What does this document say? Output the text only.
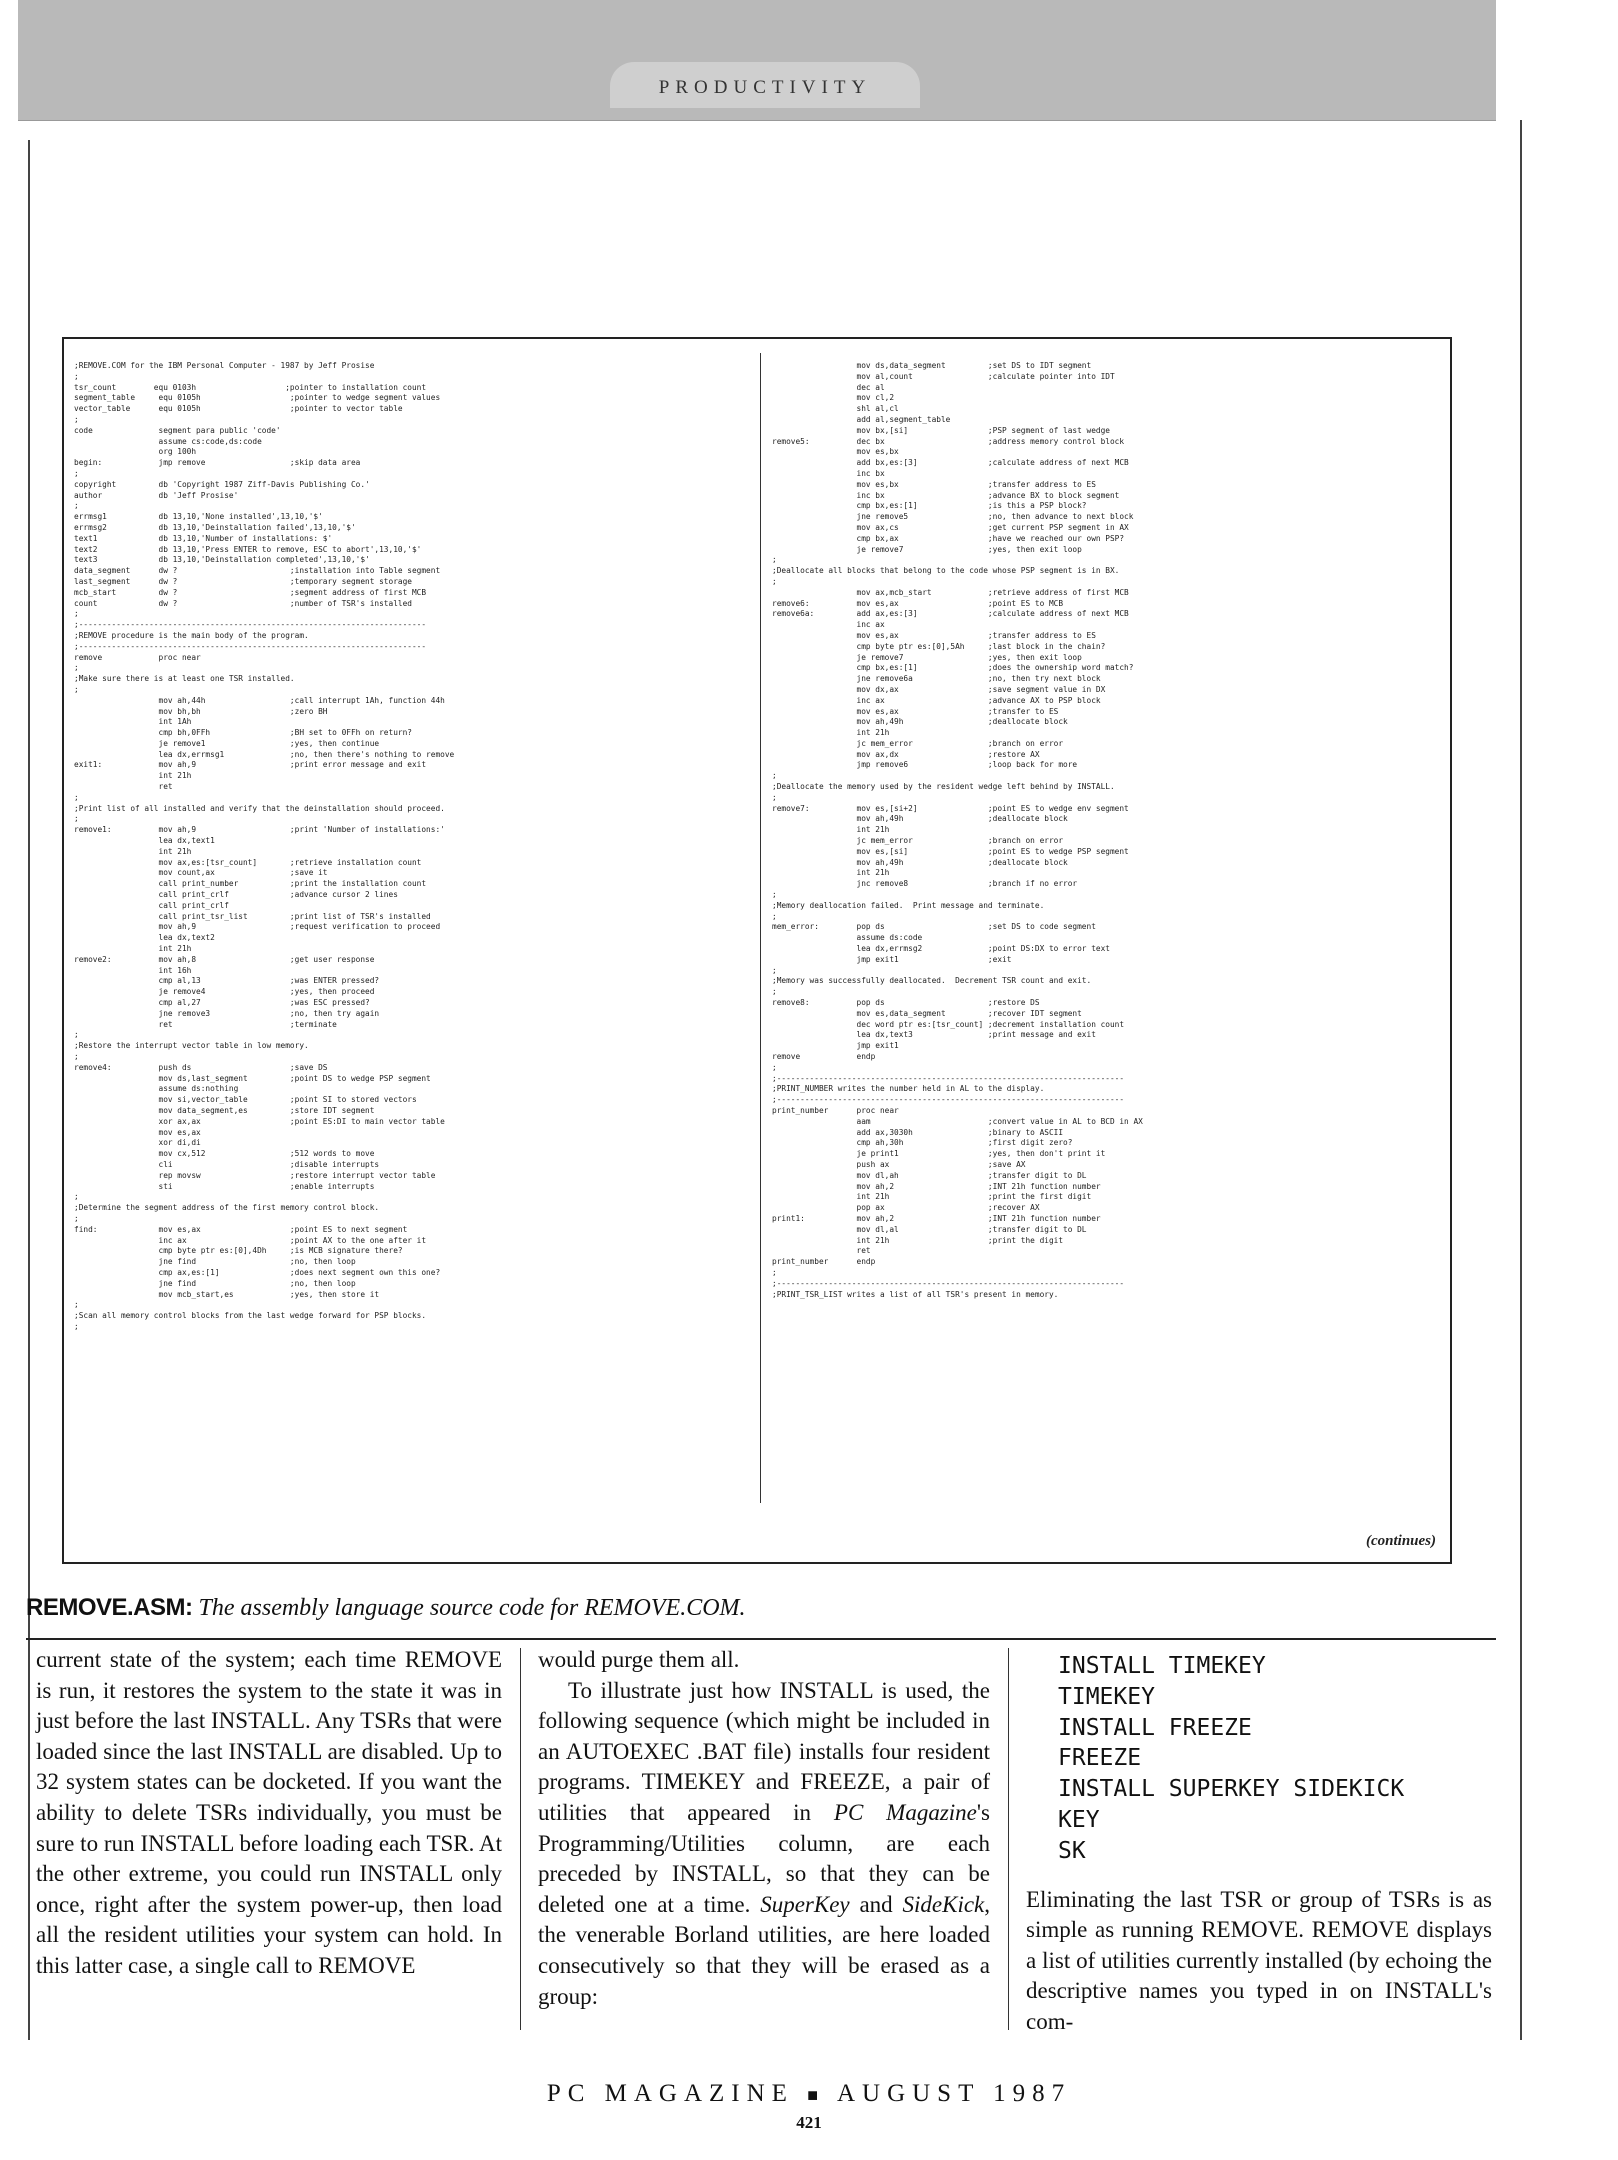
PRODUCTIVITY
;REMOVE.COM for the IBM Personal Computer - 1987 by Jeff Prosise
;
tsr_count        equ 0103h                   ;pointer to installation count
segment_table     equ 0105h                   ;pointer to wedge segment values
vector_table      equ 0105h                   ;pointer to vector table
;
code              segment para public 'code'
assume cs:code,ds:code
org 100h
begin:            jmp remove                  ;skip data area
;
copyright         db 'Copyright 1987 Ziff-Davis Publishing Co.'
author            db 'Jeff Prosise'
;
errmsg1           db 13,10,'None installed',13,10,'$'
errmsg2           db 13,10,'Deinstallation failed',13,10,'$'
text1             db 13,10,'Number of installations: $'
text2             db 13,10,'Press ENTER to remove, ESC to abort',13,10,'$'
text3             db 13,10,'Deinstallation completed',13,10,'$'
data_segment      dw ?                        ;installation into Table segment
last_segment      dw ?                        ;temporary segment storage
mcb_start         dw ?                        ;segment address of first MCB
count             dw ?                        ;number of TSR's installed
;
;--------------------------------------------------------------------------
;REMOVE procedure is the main body of the program.
;--------------------------------------------------------------------------
remove            proc near
;
;Make sure there is at least one TSR installed.
;
mov ah,44h                  ;call interrupt 1Ah, function 44h
mov bh,bh                   ;zero BH
int 1Ah
cmp bh,0FFh                 ;BH set to 0FFh on return?
je remove1                  ;yes, then continue
lea dx,errmsg1              ;no, then there's nothing to remove
exit1:            mov ah,9                    ;print error message and exit
int 21h
ret
;
;Print list of all installed and verify that the deinstallation should proceed.
;
remove1:          mov ah,9                    ;print 'Number of installations:'
lea dx,text1
int 21h
mov ax,es:[tsr_count]       ;retrieve installation count
mov count,ax                ;save it
call print_number           ;print the installation count
call print_crlf             ;advance cursor 2 lines
call print_crlf
call print_tsr_list         ;print list of TSR's installed
mov ah,9                    ;request verification to proceed
lea dx,text2
int 21h
remove2:          mov ah,8                    ;get user response
int 16h
cmp al,13                   ;was ENTER pressed?
je remove4                  ;yes, then proceed
cmp al,27                   ;was ESC pressed?
jne remove3                 ;no, then try again
ret                         ;terminate
;
;Restore the interrupt vector table in low memory.
;
remove4:          push ds                     ;save DS
mov ds,last_segment         ;point DS to wedge PSP segment
assume ds:nothing
mov si,vector_table         ;point SI to stored vectors
mov data_segment,es         ;store IDT segment
xor ax,ax                   ;point ES:DI to main vector table
mov es,ax
xor di,di
mov cx,512                  ;512 words to move
cli                         ;disable interrupts
rep movsw                   ;restore interrupt vector table
sti                         ;enable interrupts
;
;Determine the segment address of the first memory control block.
;
find:             mov es,ax                   ;point ES to next segment
inc ax                      ;point AX to the one after it
cmp byte ptr es:[0],4Dh     ;is MCB signature there?
jne find                    ;no, then loop
cmp ax,es:[1]               ;does next segment own this one?
jne find                    ;no, then loop
mov mcb_start,es            ;yes, then store it
;
;Scan all memory control blocks from the last wedge forward for PSP blocks.
;
mov ds,data_segment         ;set DS to IDT segment
mov al,count                ;calculate pointer into IDT
dec al
mov cl,2
shl al,cl
add al,segment_table
mov bx,[si]                 ;PSP segment of last wedge
remove5:          dec bx                      ;address memory control block
mov es,bx
add bx,es:[3]               ;calculate address of next MCB
inc bx
mov es,bx                   ;transfer address to ES
inc bx                      ;advance BX to block segment
cmp bx,es:[1]               ;is this a PSP block?
jne remove5                 ;no, then advance to next block
mov ax,cs                   ;get current PSP segment in AX
cmp bx,ax                   ;have we reached our own PSP?
je remove7                  ;yes, then exit loop
;
;Deallocate all blocks that belong to the code whose PSP segment is in BX.
;
mov ax,mcb_start            ;retrieve address of first MCB
remove6:          mov es,ax                   ;point ES to MCB
remove6a:         add ax,es:[3]               ;calculate address of next MCB
inc ax
mov es,ax                   ;transfer address to ES
cmp byte ptr es:[0],5Ah     ;last block in the chain?
je remove7                  ;yes, then exit loop
cmp bx,es:[1]               ;does the ownership word match?
jne remove6a                ;no, then try next block
mov dx,ax                   ;save segment value in DX
inc ax                      ;advance AX to PSP block
mov es,ax                   ;transfer to ES
mov ah,49h                  ;deallocate block
int 21h
jc mem_error                ;branch on error
mov ax,dx                   ;restore AX
jmp remove6                 ;loop back for more
;
;Deallocate the memory used by the resident wedge left behind by INSTALL.
;
remove7:          mov es,[si+2]               ;point ES to wedge env segment
mov ah,49h                  ;deallocate block
int 21h
jc mem_error                ;branch on error
mov es,[si]                 ;point ES to wedge PSP segment
mov ah,49h                  ;deallocate block
int 21h
jnc remove8                 ;branch if no error
;
;Memory deallocation failed.  Print message and terminate.
;
mem_error:        pop ds                      ;set DS to code segment
assume ds:code
lea dx,errmsg2              ;point DS:DX to error text
jmp exit1                   ;exit
;
;Memory was successfully deallocated.  Decrement TSR count and exit.
;
remove8:          pop ds                      ;restore DS
mov es,data_segment         ;recover IDT segment
dec word ptr es:[tsr_count] ;decrement installation count
lea dx,text3                ;print message and exit
jmp exit1
remove            endp
;
;--------------------------------------------------------------------------
;PRINT_NUMBER writes the number held in AL to the display.
;--------------------------------------------------------------------------
print_number      proc near
aam                         ;convert value in AL to BCD in AX
add ax,3030h                ;binary to ASCII
cmp ah,30h                  ;first digit zero?
je print1                   ;yes, then don't print it
push ax                     ;save AX
mov dl,ah                   ;transfer digit to DL
mov ah,2                    ;INT 21h function number
int 21h                     ;print the first digit
pop ax                      ;recover AX
print1:           mov ah,2                    ;INT 21h function number
mov dl,al                   ;transfer digit to DL
int 21h                     ;print the digit
ret
print_number      endp
;
;--------------------------------------------------------------------------
;PRINT_TSR_LIST writes a list of all TSR's present in memory.
(continues)
REMOVE.ASM: The assembly language source code for REMOVE.COM.

current state of the system; each time REMOVE is run, it restores the system to the state it was in just before the last INSTALL. Any TSRs that were loaded since the last INSTALL are disabled. Up to 32 system states can be docketed. If you want the ability to delete TSRs individually, you must be sure to run INSTALL before loading each TSR. At the other extreme, you could run INSTALL only once, right after the system power-up, then load all the resident utilities your system can hold. In this latter case, a single call to REMOVE

would purge them all.

To illustrate just how INSTALL is used, the following sequence (which might be included in an AUTOEXEC .BAT file) installs four resident programs. TIMEKEY and FREEZE, a pair of utilities that appeared in PC Magazine's Programming/Utilities column, are each preceded by INSTALL, so that they can be deleted one at a time. SuperKey and SideKick, the venerable Borland utilities, are here loaded consecutively so that they will be erased as a group:

INSTALL TIMEKEY
TIMEKEY
INSTALL FREEZE
FREEZE
INSTALL SUPERKEY SIDEKICK
KEY
SK

Eliminating the last TSR or group of TSRs is as simple as running REMOVE. REMOVE displays a list of utilities currently installed (by echoing the descriptive names you typed in on INSTALL's com-

PC MAGAZINE ■ AUGUST 1987
421
